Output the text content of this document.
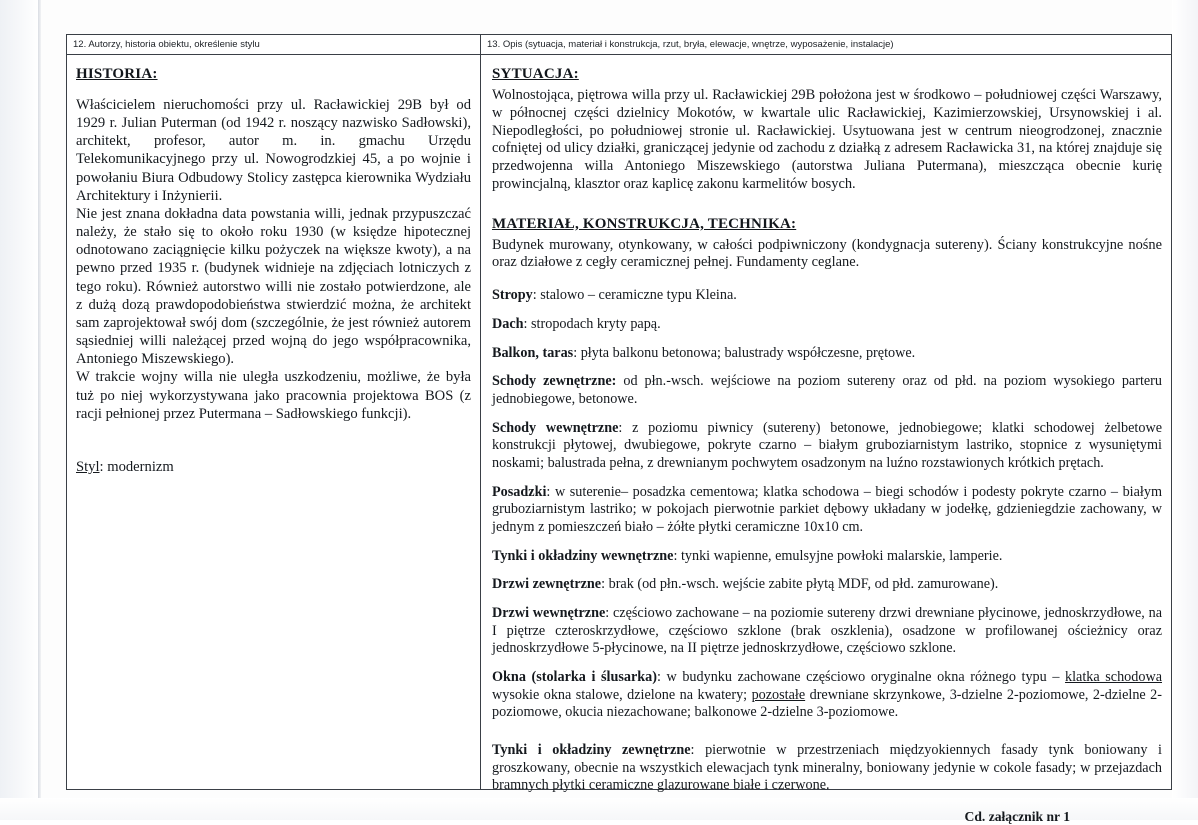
12. Autorzy, historia obiektu, określenie stylu	13. Opis (sytuacja, materiał i konstrukcja, rzut, bryła, elewacje, wnętrze, wyposażenie, instalacje)
HISTORIA:

Właścicielem nieruchomości przy ul. Racławickiej 29B był od 1929 r. Julian Puterman (od 1942 r. noszący nazwisko Sadłowski), architekt, profesor, autor m. in. gmachu Urzędu Telekomunikacyjnego przy ul. Nowogrodzkiej 45, a po wojnie i powołaniu Biura Odbudowy Stolicy zastępca kierownika Wydziału Architektury i Inżynierii.

Nie jest znana dokładna data powstania willi, jednak przypuszczać należy, że stało się to około roku 1930 (w księdze hipotecznej odnotowano zaciągnięcie kilku pożyczek na większe kwoty), a na pewno przed 1935 r. (budynek widnieje na zdjęciach lotniczych z tego roku). Również autorstwo willi nie zostało potwierdzone, ale z dużą dozą prawdopodobieństwa stwierdzić można, że architekt sam zaprojektował swój dom (szczególnie, że jest również autorem sąsiedniej willi należącej przed wojną do jego współpracownika, Antoniego Miszewskiego).

W trakcie wojny willa nie uległa uszkodzeniu, możliwe, że była tuż po niej wykorzystywana jako pracownia projektowa BOS (z racji pełnionej przez Putermana – Sadłowskiego funkcji).

Styl: modernizm
SYTUACJA:

Wolnostojąca, piętrowa willa przy ul. Racławickiej 29B położona jest w środkowo – południowej części Warszawy, w północnej części dzielnicy Mokotów, w kwartale ulic Racławickiej, Kazimierzowskiej, Ursynowskiej i al. Niepodległości, po południowej stronie ul. Racławickiej. Usytuowana jest w centrum nieogrodzonej, znacznie cofniętej od ulicy działki, graniczącej jedynie od zachodu z działką z adresem Racławicka 31, na której znajduje się przedwojenna willa Antoniego Miszewskiego (autorstwa Juliana Putermana), mieszcząca obecnie kurię prowincjalną, klasztor oraz kaplicę zakonu karmelitów bosych.

MATERIAŁ, KONSTRUKCJA, TECHNIKA:

Budynek murowany, otynkowany, w całości podpiwniczony (kondygnacja sutereny). Ściany konstrukcyjne nośne oraz działowe z cegły ceramicznej pełnej. Fundamenty ceglane.

Stropy: stalowo – ceramiczne typu Kleina.

Dach: stropodach kryty papą.

Balkon, taras: płyta balkonu betonowa; balustrady współczesne, prętowe.

Schody zewnętrzne: od płn.-wsch. wejściowe na poziom sutereny oraz od płd. na poziom wysokiego parteru jednobiegowe, betonowe.

Schody wewnętrzne: z poziomu piwnicy (sutereny) betonowe, jednobiegowe; klatki schodowej żelbetowe konstrukcji płytowej, dwubiegowe, pokryte czarno – białym gruboziarnistym lastriko, stopnice z wysuniętymi noskami; balustrada pełna, z drewnianym pochwytem osadzonym na luźno rozstawionych krótkich prętach.

Posadzki: w suterenie– posadzka cementowa; klatka schodowa – biegi schodów i podesty pokryte czarno – białym gruboziarnistym lastriko; w pokojach pierwotnie parkiet dębowy układany w jodełkę, gdzieniegdzie zachowany, w jednym z pomieszczeń biało – żółte płytki ceramiczne 10x10 cm.

Tynki i okładziny wewnętrzne: tynki wapienne, emulsyjne powłoki malarskie, lamperie.

Drzwi zewnętrzne: brak (od płn.-wsch. wejście zabite płytą MDF, od płd. zamurowane).

Drzwi wewnętrzne: częściowo zachowane – na poziomie sutereny drzwi drewniane płycinowe, jednoskrzydłowe, na I piętrze czteroskrzydłowe, częściowo szklone (brak oszklenia), osadzone w profilowanej ościeżnicy oraz jednoskrzydłowe 5-płycinowe, na II piętrze jednoskrzydłowe, częściowo szklone.

Okna (stolarka i ślusarka): w budynku zachowane częściowo oryginalne okna różnego typu – klatka schodowa wysokie okna stalowe, dzielone na kwatery; pozostałe drewniane skrzynkowe, 3-dzielne 2-poziomowe, 2-dzielne 2-poziomowe, okucia niezachowane; balkonowe 2-dzielne 3-poziomowe.

Tynki i okładziny zewnętrzne: pierwotnie w przestrzeniach międzyokiennych fasady tynk boniowany i groszkowany, obecnie na wszystkich elewacjach tynk mineralny, boniowany jedynie w cokole fasady; w przejazdach bramnych płytki ceramiczne glazurowane białe i czerwone.

Cd. załącznik nr 1
